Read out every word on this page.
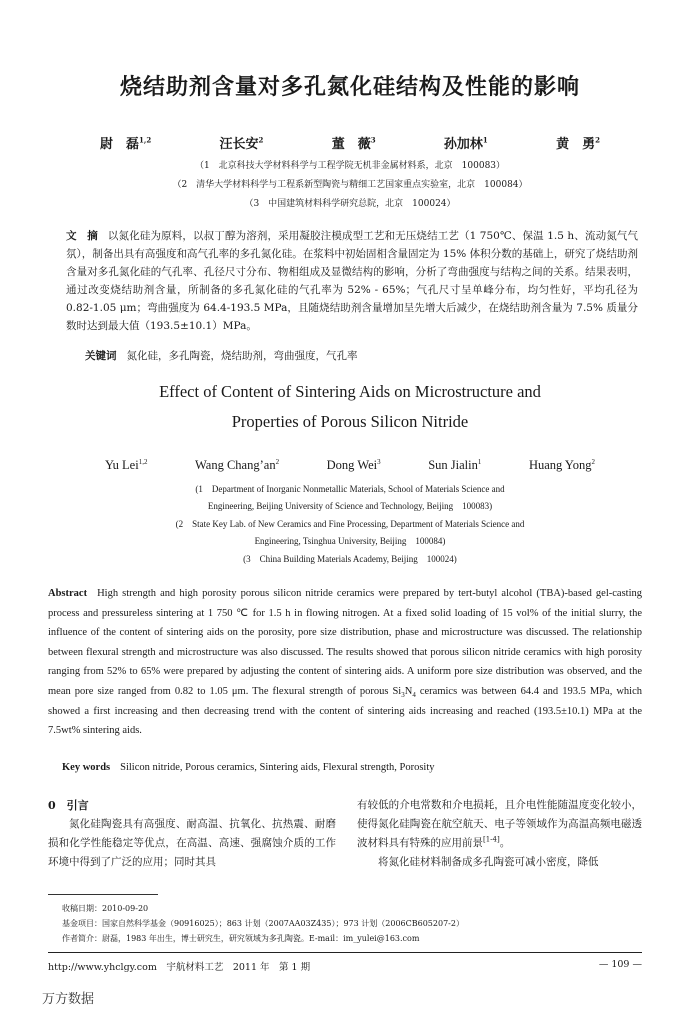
烧结助剂含量对多孔氮化硅结构及性能的影响
尉　磊$^{1,2}$	汪长安$^2$	董　薇$^3$	孙加林$^1$	黄　勇$^2$
（1　北京科技大学材料科学与工程学院无机非金属材料系，北京　100083）
（2　清华大学材料科学与工程系新型陶瓷与精细工艺国家重点实验室，北京　100084）
（3　中国建筑材料科学研究总院，北京　100024）
文　摘 以氮化硅为原料，以叔丁醇为溶剂，采用凝胶注模成型工艺和无压烧结工艺（1 750℃、保温 1.5 h、流动氮气气氛），制备出具有高强度和高气孔率的多孔氮化硅。在浆料中初始固相含量固定为 15% 体积分数的基础上，研究了烧结助剂含量对多孔氮化硅的气孔率、孔径尺寸分布、物相组成及显微结构的影响，分析了弯曲强度与结构之间的关系。结果表明，通过改变烧结助剂含量，所制备的多孔氮化硅的气孔率为 52% - 65%；气孔尺寸呈单峰分布，均匀性好，平均孔径为 0.82-1.05 μm；弯曲强度为 64.4-193.5 MPa，且随烧结助剂含量增加呈先增大后减少，在烧结助剂含量为 7.5% 质量分数时达到最大值（193.5±10.1）MPa。
关键词 氮化硅，多孔陶瓷，烧结助剂，弯曲强度，气孔率
Effect of Content of Sintering Aids on Microstructure and
Properties of Porous Silicon Nitride
Yu Lei$^{1,2}$	Wang $Chang’an^2$	Dong Wei$^3$	Sun Jialin$^1$	Huang Yong$^2$
(1　Department of Inorganic Nonmetallic Materials, School of Materials Science and
Engineering, Beijing University of Science and Technology, Beijing　100083)
(2　State Key Lab. of New Ceramics and Fine Processing, Department of Materials Science and
Engineering, Tsinghua University, Beijing　100084)
(3　China Building Materials Academy, Beijing　100024)
Abstract High strength and high porosity porous silicon nitride ceramics were prepared by tert-butyl alcohol (TBA)-based gel-casting process and pressureless sintering at 1 750 ℃ for 1.5 h in flowing nitrogen. At a fixed solid loading of 15 vol% of the initial slurry, the influence of the content of sintering aids on the porosity, pore size distribution, phase and microstructure was discussed. The relationship between flexural strength and microstructure was also discussed. The results showed that porous silicon nitride ceramics with high porosity ranging from 52% to 65% were prepared by adjusting the content of sintering aids. A uniform pore size distribution was observed, and the mean pore size ranged from 0.82 to 1.05 μm. The flexural strength of porous $Si_3N_4$ ceramics was between 64.4 and 193.5 MPa, which showed a first increasing and then decreasing trend with the content of sintering aids increasing and reached (193.5±10.1) MPa at the 7.5wt% sintering aids.
Key words Silicon nitride, Porous ceramics, Sintering aids, Flexural strength, Porosity
0　引言
氮化硅陶瓷具有高强度、耐高温、抗氧化、抗热震、耐磨损和化学性能稳定等优点，在高温、高速、强腐蚀介质的工作环境中得到了广泛的应用；同时其具
有较低的介电常数和介电损耗，且介电性能随温度变化较小，使得氮化硅陶瓷在航空航天、电子等领域作为高温高频电磁透波材料具有特殊的应用前景[1-4]。
将氮化硅材料制备成多孔陶瓷可减小密度，降低
收稿日期：2010-09-20
基金项目：国家自然科学基金（90916025）；863 计划（2007AA03Z435）；973 计划（2006CB605207-2）
作者简介：尉磊，1983 年出生，博士研究生，研究领域为多孔陶瓷。E-mail：im_yulei@163.com
http://www.yhclgy.com　宇航材料工艺　2011 年　第 1 期	— 109 —
万方数据
